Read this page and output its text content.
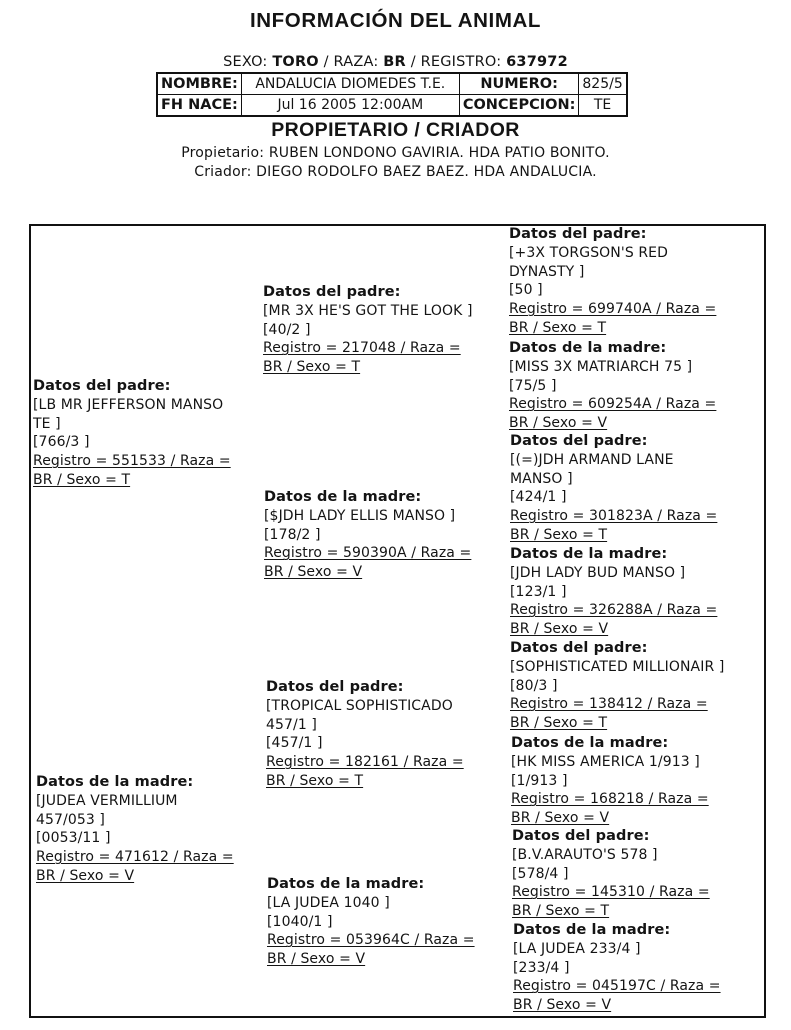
INFORMACIÓN DEL ANIMAL
SEXO: TORO / RAZA: BR / REGISTRO: 637972
NOMBRE:	ANDALUCIA DIOMEDES T.E.	NUMERO:	825/5
FH NACE:	Jul 16 2005 12:00AM	CONCEPCION:	TE
PROPIETARIO / CRIADOR
Propietario: RUBEN LONDONO GAVIRIA. HDA PATIO BONITO.
Criador: DIEGO RODOLFO BAEZ BAEZ. HDA ANDALUCIA.
Datos del padre:
[LB MR JEFFERSON MANSO
TE ]
[766/3 ]
Registro = 551533 / Raza =
BR / Sexo = T
Datos de la madre:
[JUDEA VERMILLIUM
457/053 ]
[0053/11 ]
Registro = 471612 / Raza =
BR / Sexo = V
Datos del padre:
[MR 3X HE'S GOT THE LOOK ]
[40/2 ]
Registro = 217048 / Raza =
BR / Sexo = T
Datos de la madre:
[$JDH LADY ELLIS MANSO ]
[178/2 ]
Registro = 590390A / Raza =
BR / Sexo = V
Datos del padre:
[TROPICAL SOPHISTICADO
457/1 ]
[457/1 ]
Registro = 182161 / Raza =
BR / Sexo = T
Datos de la madre:
[LA JUDEA 1040 ]
[1040/1 ]
Registro = 053964C / Raza =
BR / Sexo = V
Datos del padre:
[+3X TORGSON'S RED
DYNASTY ]
[50 ]
Registro = 699740A / Raza =
BR / Sexo = T
Datos de la madre:
[MISS 3X MATRIARCH 75 ]
[75/5 ]
Registro = 609254A / Raza =
BR / Sexo = V
Datos del padre:
[(=)JDH ARMAND LANE
MANSO ]
[424/1 ]
Registro = 301823A / Raza =
BR / Sexo = T
Datos de la madre:
[JDH LADY BUD MANSO ]
[123/1 ]
Registro = 326288A / Raza =
BR / Sexo = V
Datos del padre:
[SOPHISTICATED MILLIONAIR ]
[80/3 ]
Registro = 138412 / Raza =
BR / Sexo = T
Datos de la madre:
[HK MISS AMERICA 1/913 ]
[1/913 ]
Registro = 168218 / Raza =
BR / Sexo = V
Datos del padre:
[B.V.ARAUTO'S 578 ]
[578/4 ]
Registro = 145310 / Raza =
BR / Sexo = T
Datos de la madre:
[LA JUDEA 233/4 ]
[233/4 ]
Registro = 045197C / Raza =
BR / Sexo = V
